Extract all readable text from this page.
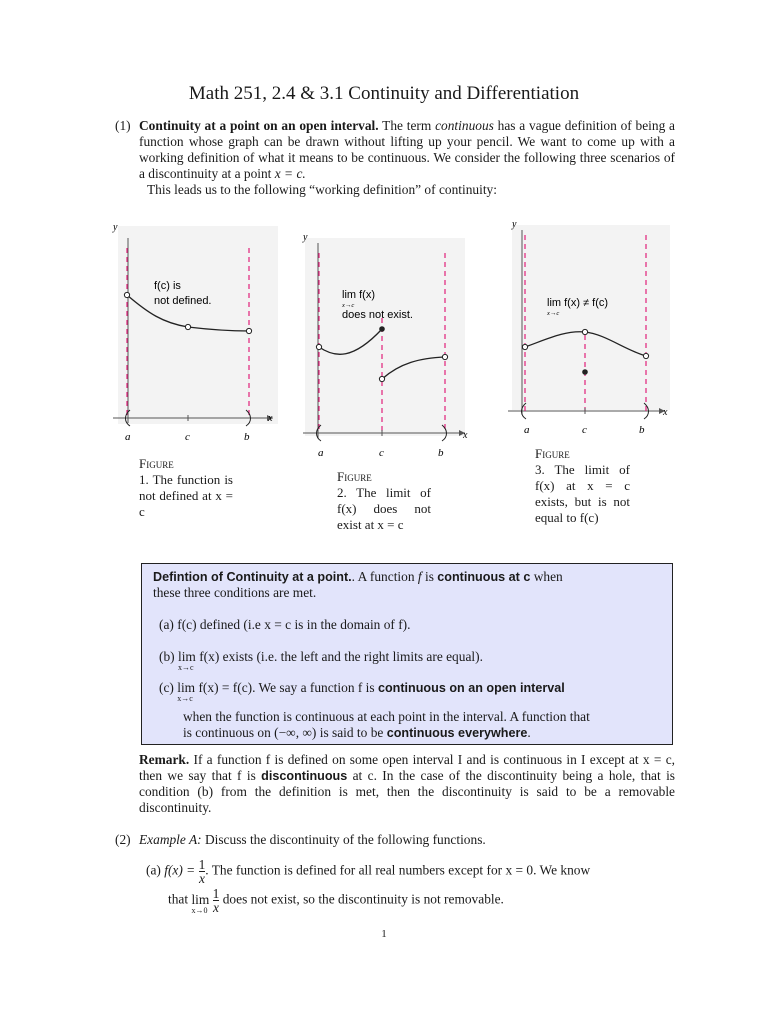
Math 251, 2.4 & 3.1 Continuity and Differentiation
(1) Continuity at a point on an open interval. The term continuous has a vague definition of being a function whose graph can be drawn without lifting up your pencil. We want to come up with a working definition of what it means to be continuous. We consider the following three scenarios of a discontinuity at a point x = c.
This leads us to the following “working definition” of continuity:
y
x
a	c	b
f(c) is
not defined.
Figure
1. The function is not defined at x = c
y
x
a	c	b
lim f(x)
x→c
does not exist.
Figure
2. The limit of f(x) does not exist at x = c
y
x
a	c	b
lim f(x) ≠ f(c)
x→c
Figure
3. The limit of f(x) at x = c exists, but is not equal to f(c)
Defintion of Continuity at a point.. A function f is continuous at c when
these three conditions are met.
(a) f(c) defined (i.e x = c is in the domain of f).
(b) lim
x→c
f(x) exists (i.e. the left and the right limits are equal).
(c) lim
x→c
f(x) = f(c). We say a function f is continuous on an open interval
when the function is continuous at each point in the interval. A function that
is continuous on (−∞, ∞) is said to be continuous everywhere.
Remark. If a function f is defined on some open interval I and is continuous in I except at x = c, then we say that f is discontinuous at c. In the case of the discontinuity being a hole, that is condition (b) from the definition is met, then the discontinuity is said to be a removable discontinuity.
(2) Example A: Discuss the discontinuity of the following functions.
(a) $f(x) = \frac{1}{x}$ . The function is defined for all real numbers except for x = 0. We know
that lim
x→0
$\frac{1}{x}$ does not exist, so the discontinuity is not removable.
1
